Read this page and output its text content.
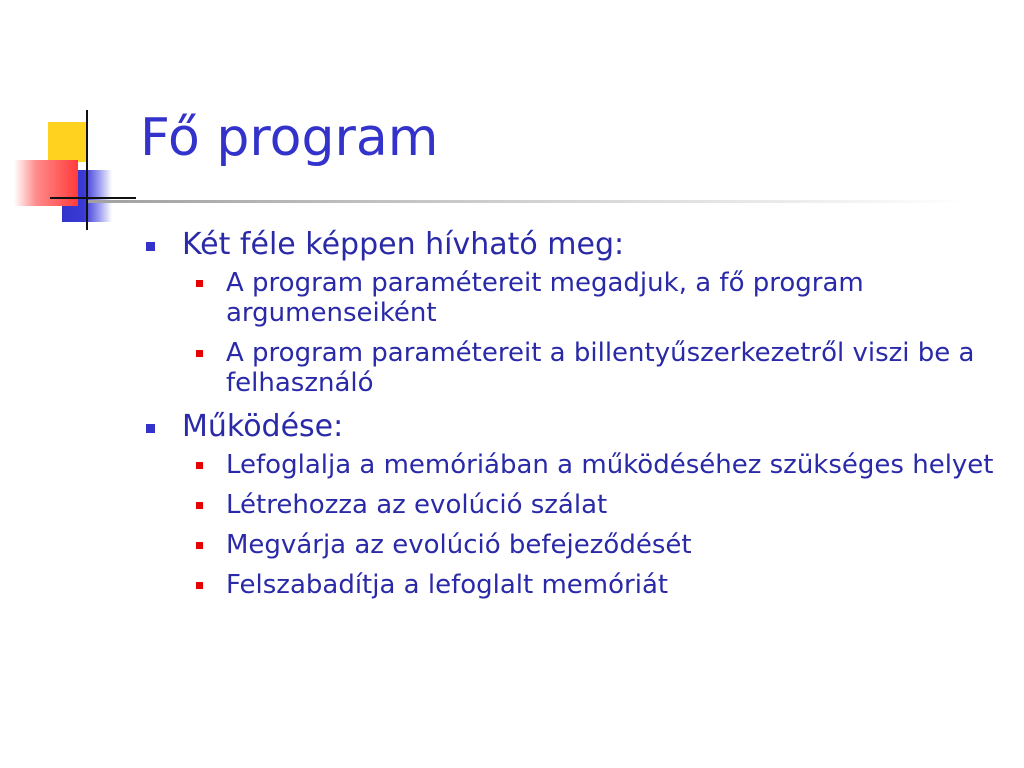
Fő program
Két féle képpen hívható meg:
A program paramétereit megadjuk, a fő program argumenseiként
A program paramétereit a billentyűszerkezetről viszi be a felhasználó
Működése:
Lefoglalja a memóriában a működéséhez szükséges helyet
Létrehozza az evolúció szálat
Megvárja az evolúció befejeződését
Felszabadítja a lefoglalt memóriát
